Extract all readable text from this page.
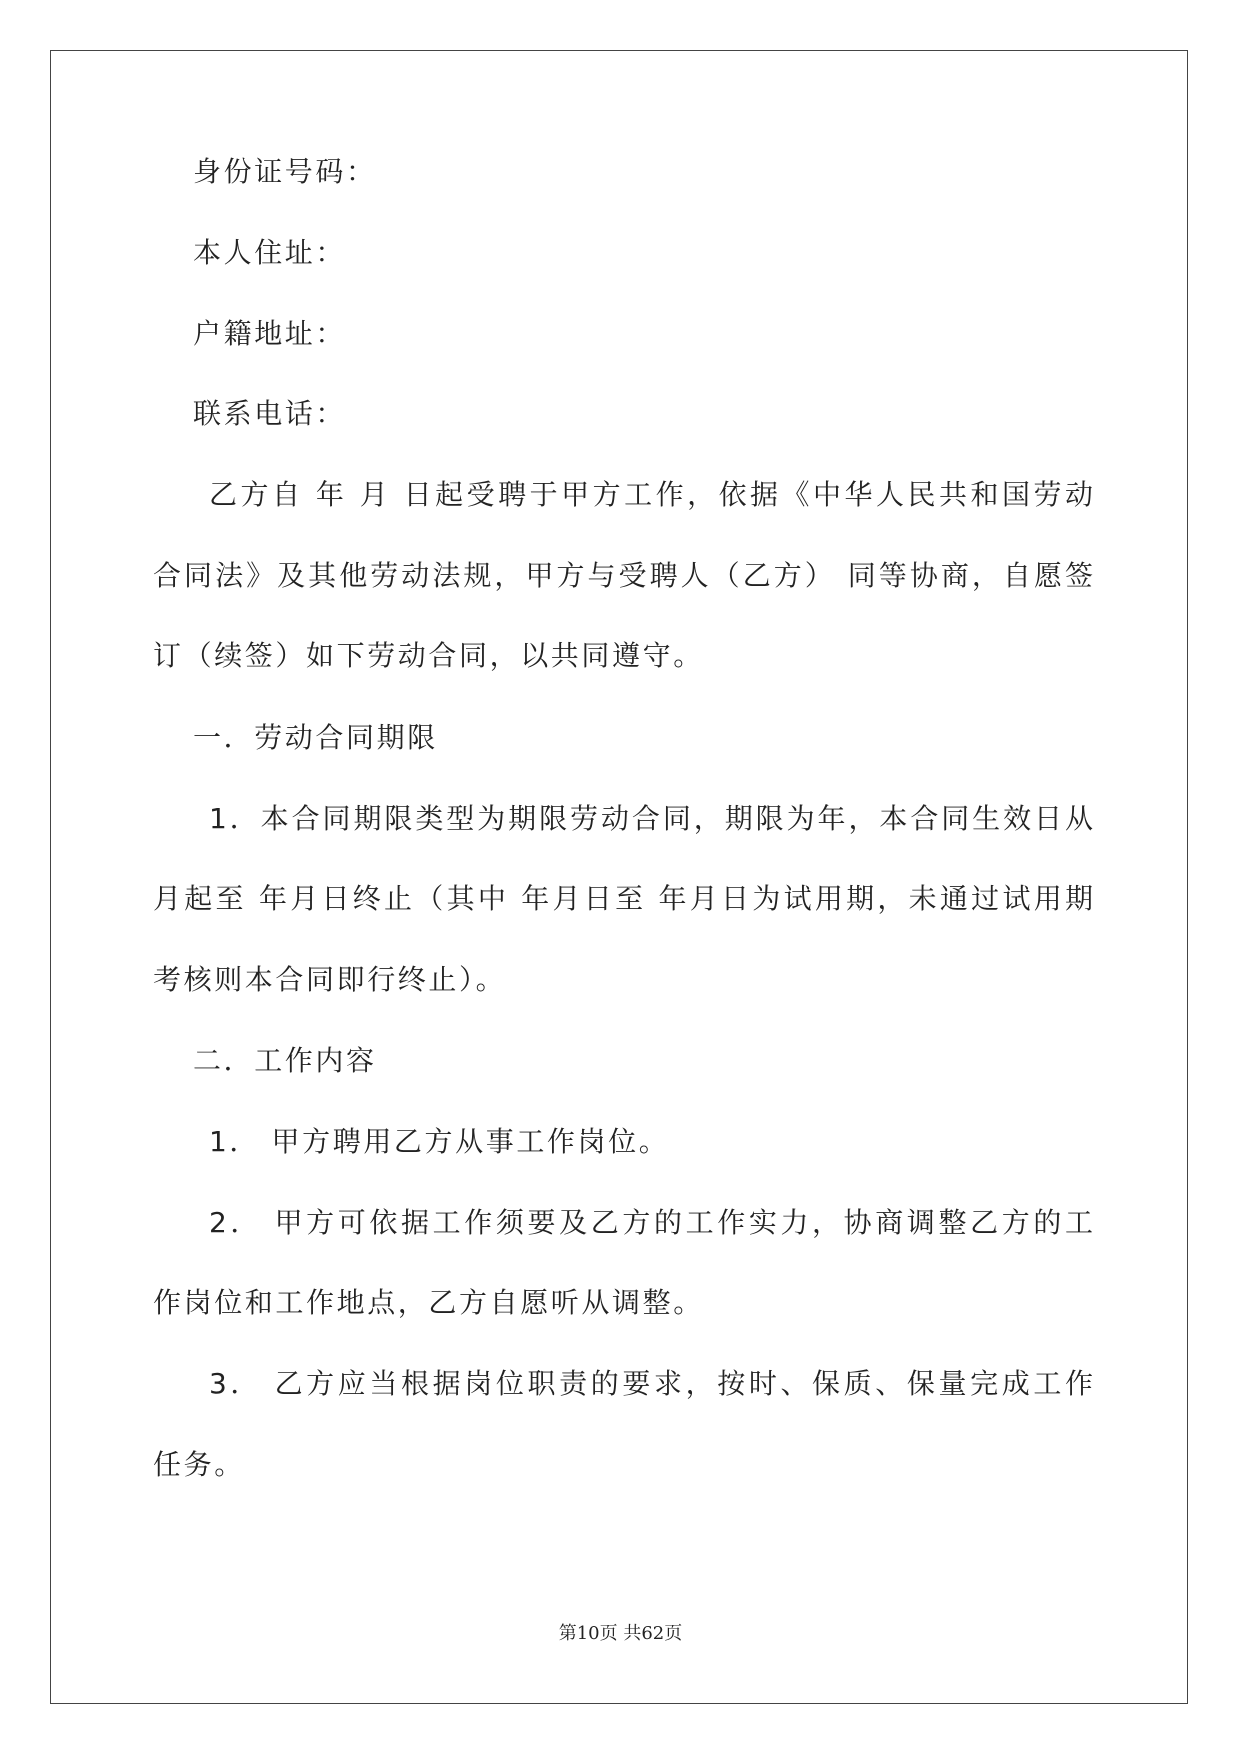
身份证号码：
本人住址：
户籍地址：
联系电话：
乙方自 年 月 日起受聘于甲方工作，依据《中华人民共和国劳动
合同法》及其他劳动法规，甲方与受聘人（乙方） 同等协商，自愿签
订（续签）如下劳动合同，以共同遵守。
一．劳动合同期限
1．本合同期限类型为期限劳动合同，期限为年，本合同生效日从
月起至 年月日终止（其中 年月日至 年月日为试用期，未通过试用期
考核则本合同即行终止）。
二．工作内容
1． 甲方聘用乙方从事工作岗位。
2． 甲方可依据工作须要及乙方的工作实力，协商调整乙方的工
作岗位和工作地点，乙方自愿听从调整。
3． 乙方应当根据岗位职责的要求，按时、保质、保量完成工作
任务。
第10页 共62页
